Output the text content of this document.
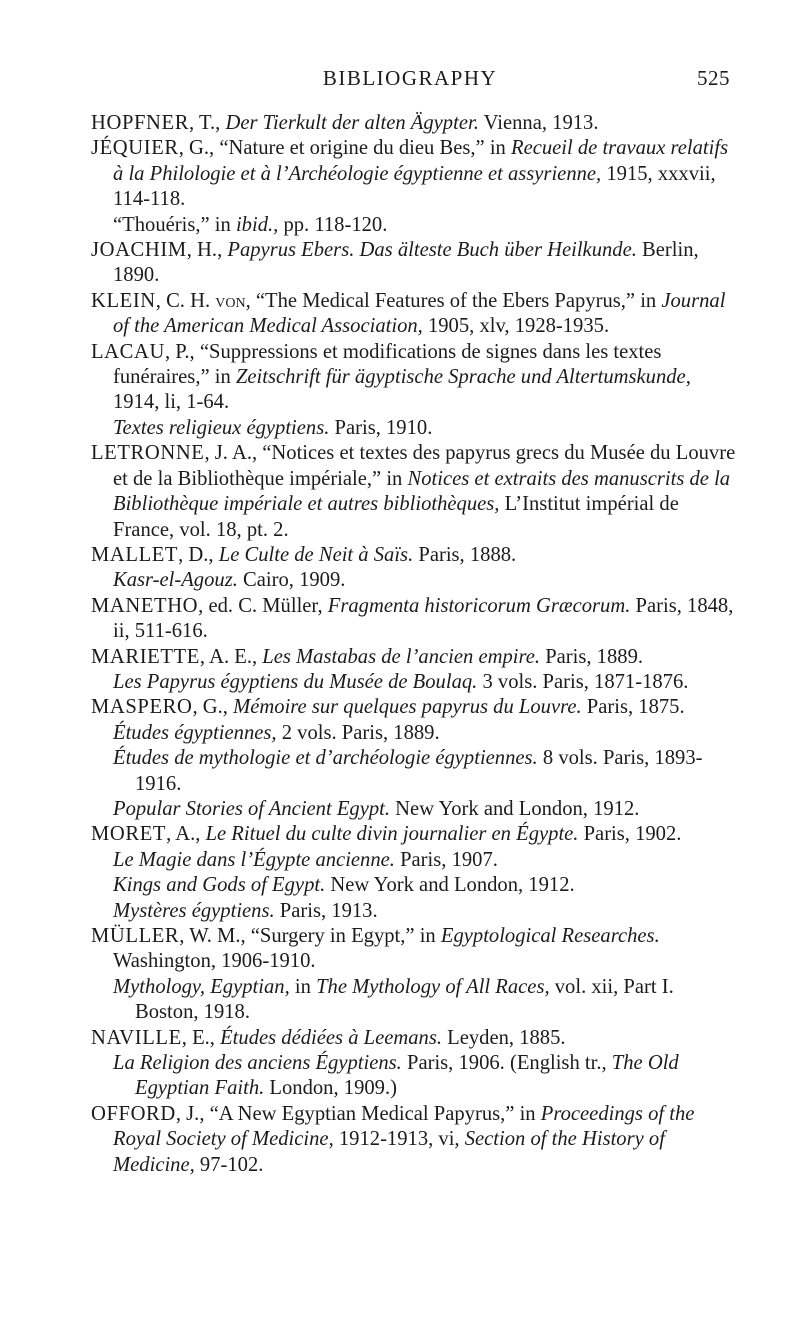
BIBLIOGRAPHY	525

HOPFNER, T., Der Tierkult der alten Ägypter. Vienna, 1913.

JÉQUIER, G., “Nature et origine du dieu Bes,” in Recueil de travaux relatifs à la Philologie et à l’Archéologie égyptienne et assyrienne, 1915, xxxvii, 114-118.

“Thouéris,” in ibid., pp. 118-120.

JOACHIM, H., Papyrus Ebers. Das älteste Buch über Heilkunde. Berlin, 1890.

KLEIN, C. H. von, “The Medical Features of the Ebers Papyrus,” in Journal of the American Medical Association, 1905, xlv, 1928-1935.

LACAU, P., “Suppressions et modifications de signes dans les textes funéraires,” in Zeitschrift für ägyptische Sprache und Altertumskunde, 1914, li, 1-64.

Textes religieux égyptiens. Paris, 1910.

LETRONNE, J. A., “Notices et textes des papyrus grecs du Musée du Louvre et de la Bibliothèque impériale,” in Notices et extraits des manuscrits de la Bibliothèque impériale et autres bibliothèques, L’Institut impérial de France, vol. 18, pt. 2.

MALLET, D., Le Culte de Neit à Saïs. Paris, 1888.

Kasr-el-Agouz. Cairo, 1909.

MANETHO, ed. C. Müller, Fragmenta historicorum Græcorum. Paris, 1848, ii, 511-616.

MARIETTE, A. E., Les Mastabas de l’ancien empire. Paris, 1889.

Les Papyrus égyptiens du Musée de Boulaq. 3 vols. Paris, 1871-1876.

MASPERO, G., Mémoire sur quelques papyrus du Louvre. Paris, 1875.

Études égyptiennes, 2 vols. Paris, 1889.

Études de mythologie et d’archéologie égyptiennes. 8 vols. Paris, 1893-1916.

Popular Stories of Ancient Egypt. New York and London, 1912.

MORET, A., Le Rituel du culte divin journalier en Égypte. Paris, 1902.

Le Magie dans l’Égypte ancienne. Paris, 1907.

Kings and Gods of Egypt. New York and London, 1912.

Mystères égyptiens. Paris, 1913.

MÜLLER, W. M., “Surgery in Egypt,” in Egyptological Researches. Washington, 1906-1910.

Mythology, Egyptian, in The Mythology of All Races, vol. xii, Part I. Boston, 1918.

NAVILLE, E., Études dédiées à Leemans. Leyden, 1885.

La Religion des anciens Égyptiens. Paris, 1906. (English tr., The Old Egyptian Faith. London, 1909.)

OFFORD, J., “A New Egyptian Medical Papyrus,” in Proceedings of the Royal Society of Medicine, 1912-1913, vi, Section of the History of Medicine, 97-102.
